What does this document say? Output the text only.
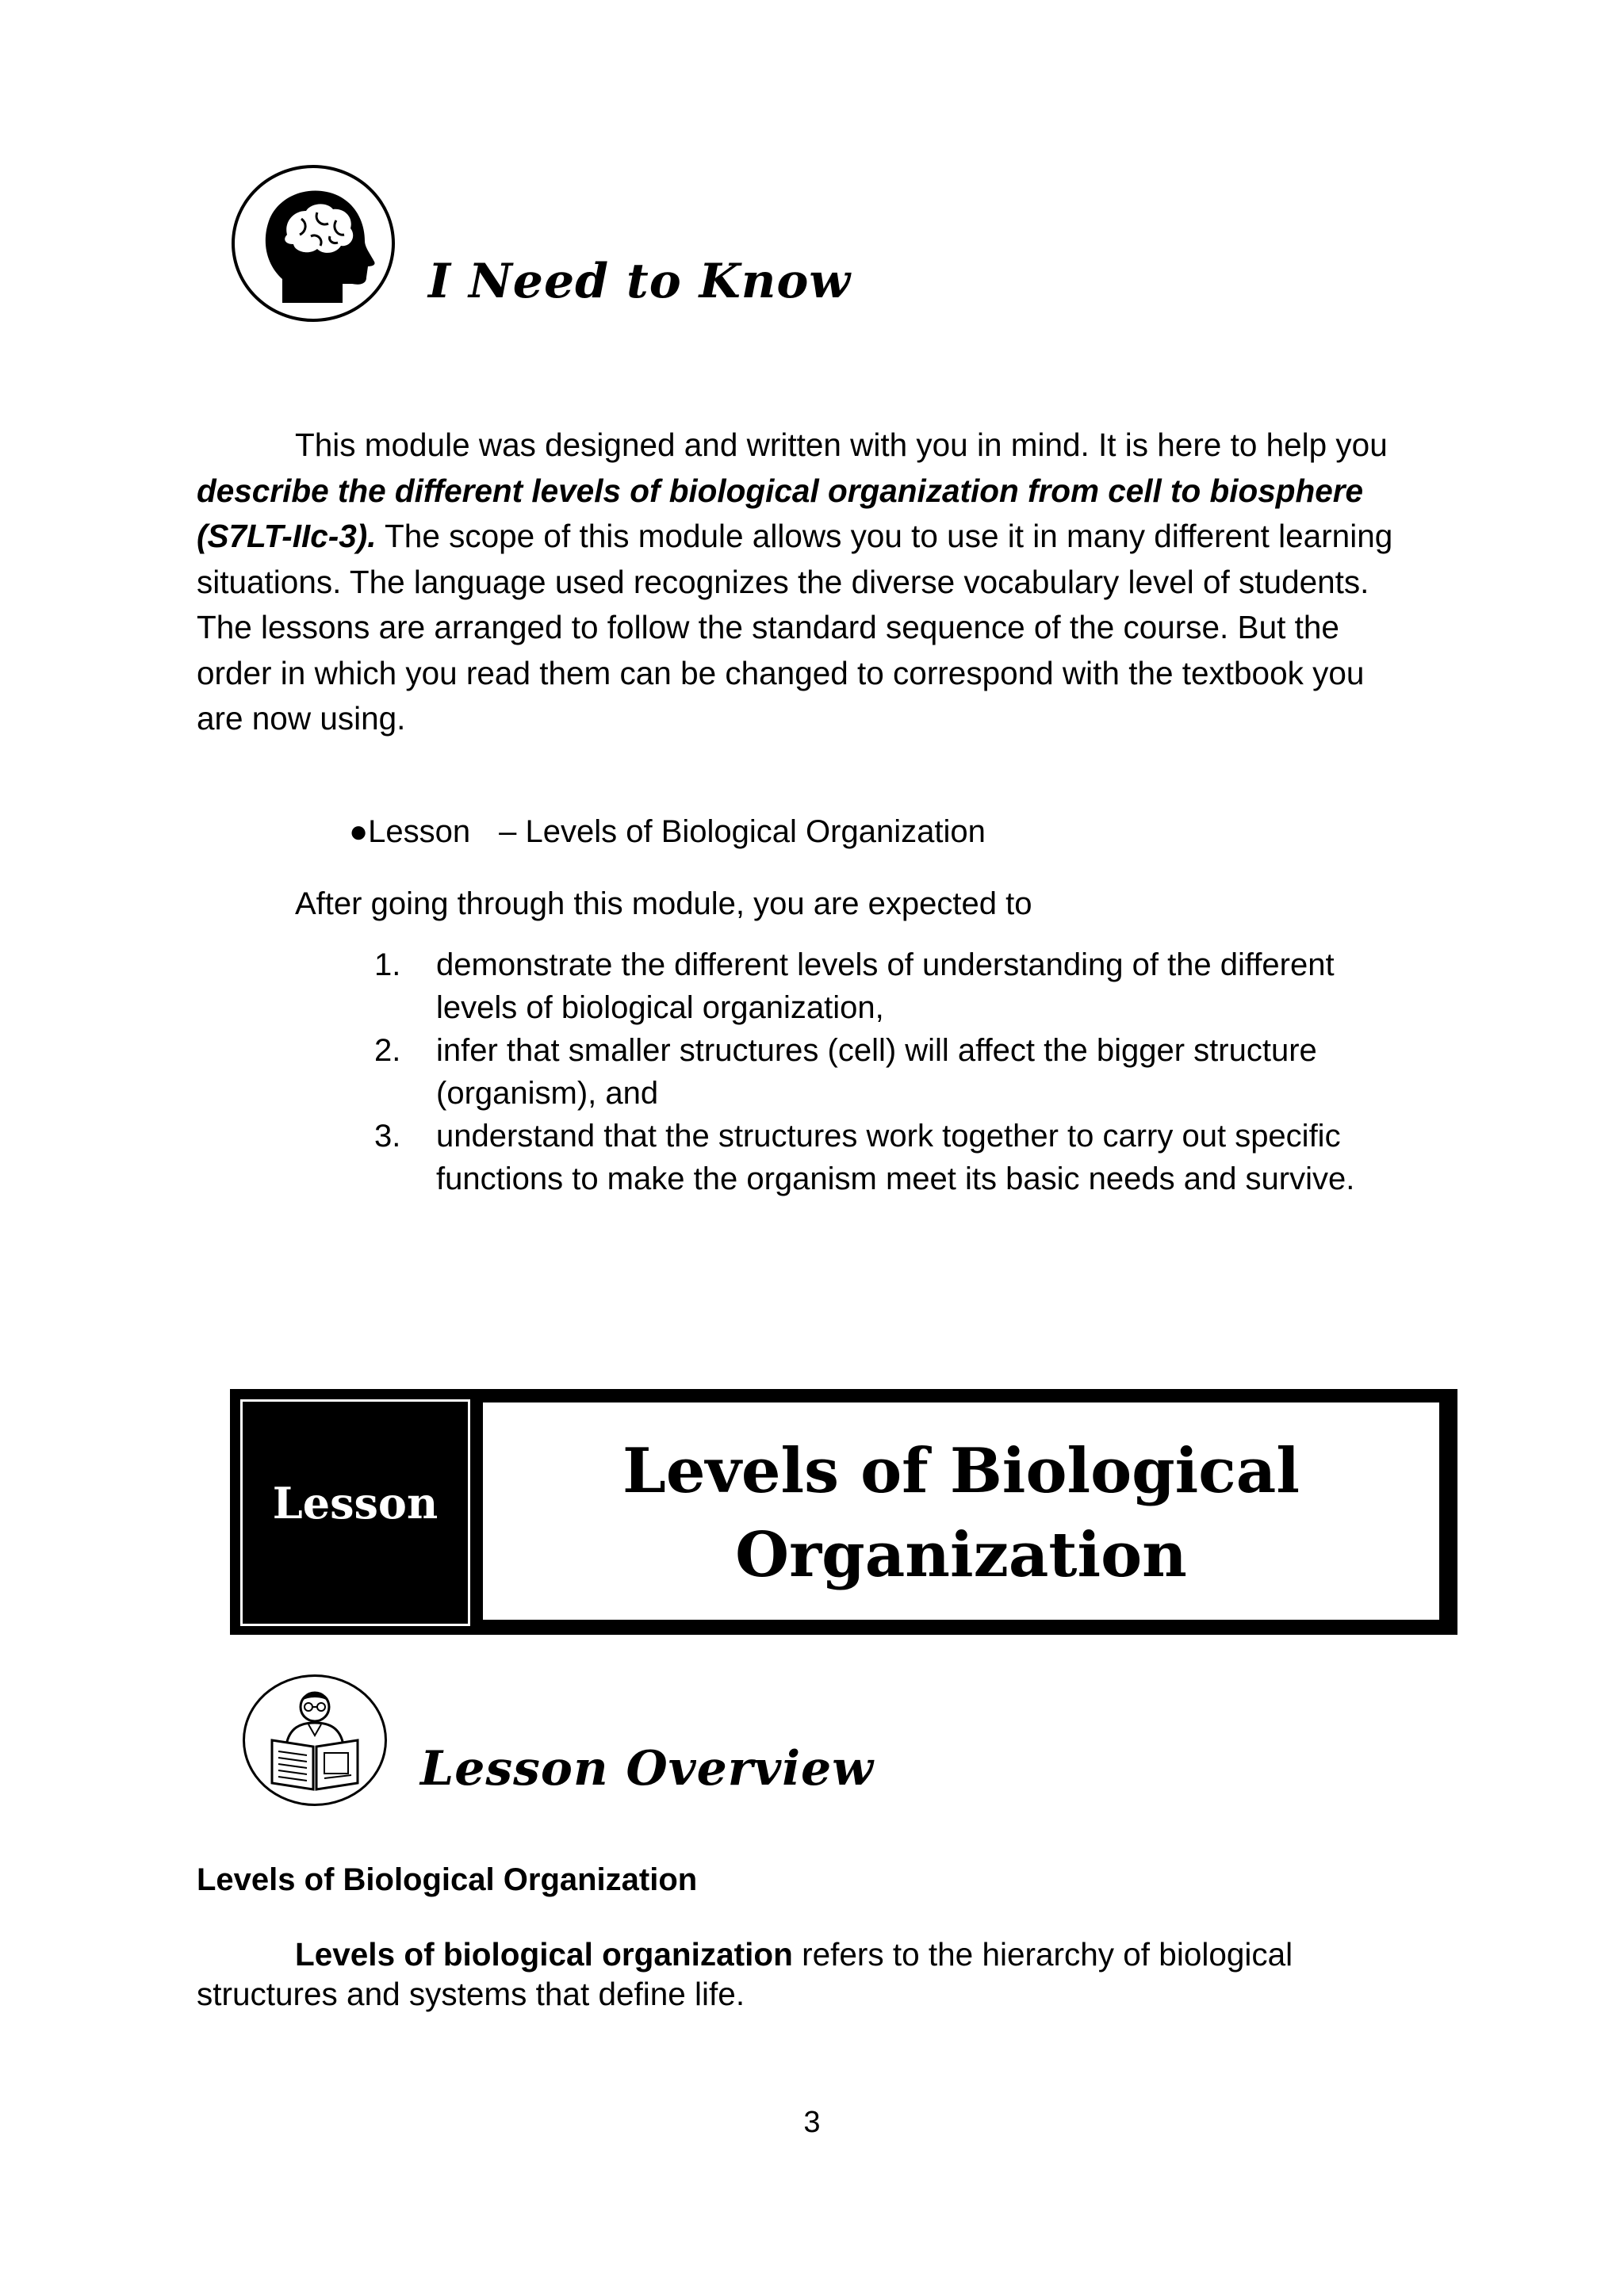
I Need to Know
This module was designed and written with you in mind. It is here to help you
describe the different levels of biological organization from cell to biosphere
(S7LT-IIc-3). The scope of this module allows you to use it in many different learning
situations. The language used recognizes the diverse vocabulary level of students.
The lessons are arranged to follow the standard sequence of the course. But the
order in which you read them can be changed to correspond with the textbook you
are now using.
●Lesson – Levels of Biological Organization
After going through this module, you are expected to
1. demonstrate the different levels of understanding of the different
levels of biological organization,
2. infer that smaller structures (cell) will affect the bigger structure
(organism), and
3. understand that the structures work together to carry out specific
functions to make the organism meet its basic needs and survive.
Lesson	Levels of Biological
Organization
Lesson Overview
Levels of Biological Organization
Levels of biological organization refers to the hierarchy of biological
structures and systems that define life.
3
